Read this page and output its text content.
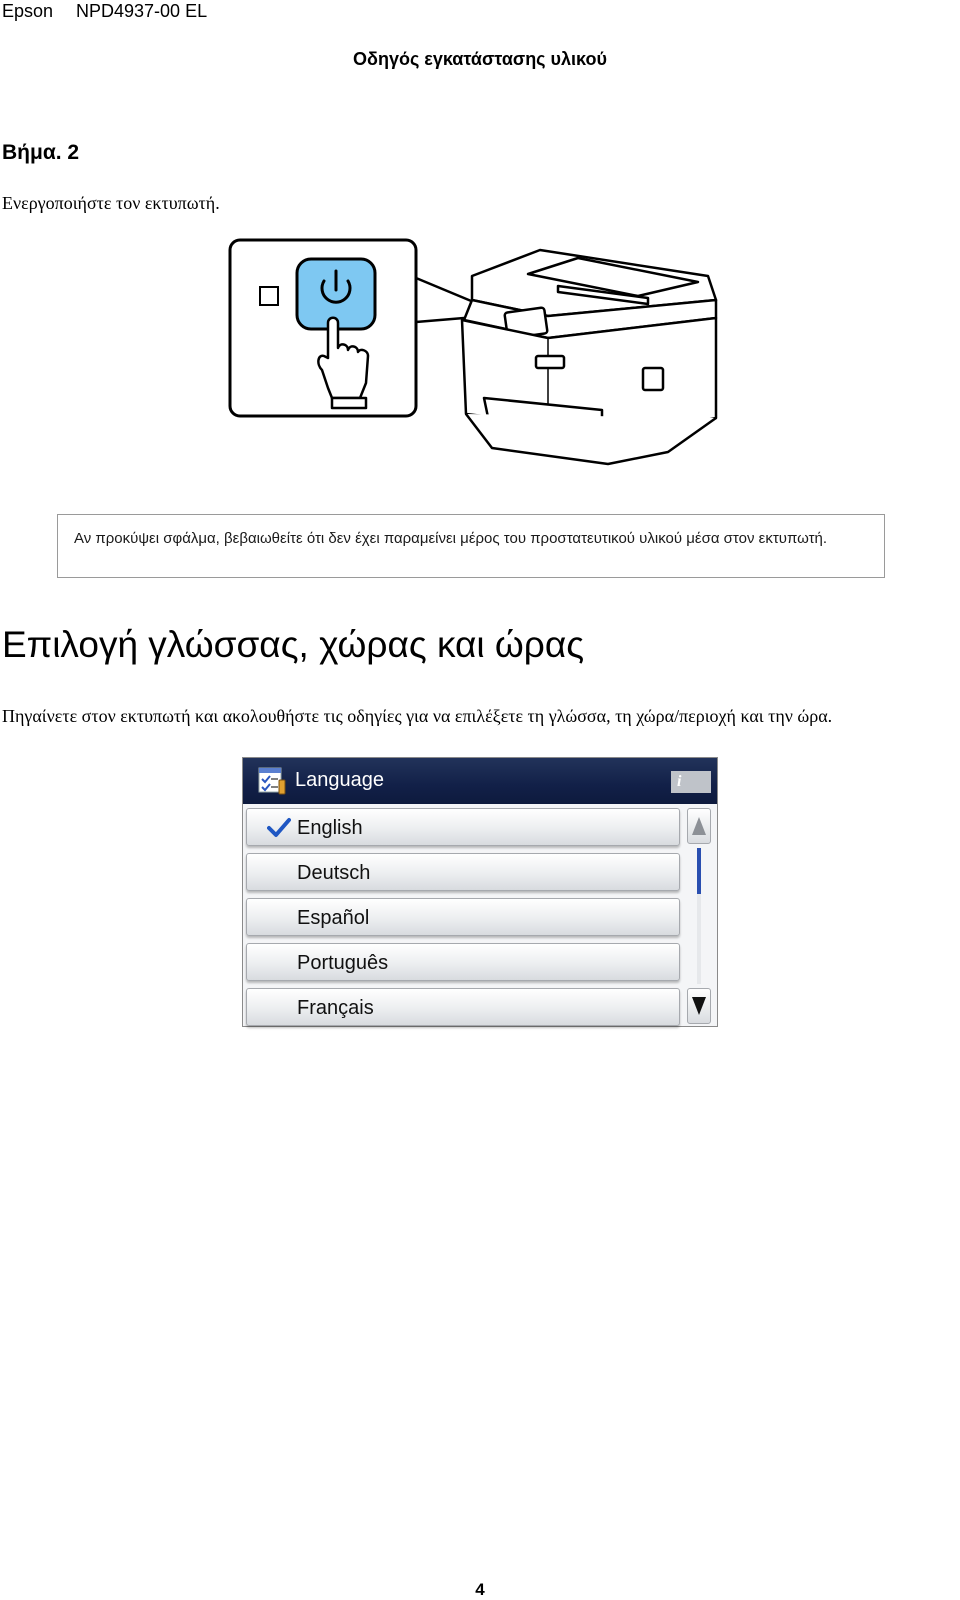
Epson NPD4937-00 EL
Οδηγός εγκατάστασης υλικού
Βήμα. 2
Ενεργοποιήστε τον εκτυπωτή.
Αν προκύψει σφάλμα, βεβαιωθείτε ότι δεν έχει παραμείνει μέρος του προστατευτικού υλικού μέσα στον εκτυπωτή.
Επιλογή γλώσσας, χώρας και ώρας
Πηγαίνετε στον εκτυπωτή και ακολουθήστε τις οδηγίες για να επιλέξετε τη γλώσσα, τη χώρα/περιοχή και την ώρα.
Language	i
English
Deutsch
Español
Português
Français
4
